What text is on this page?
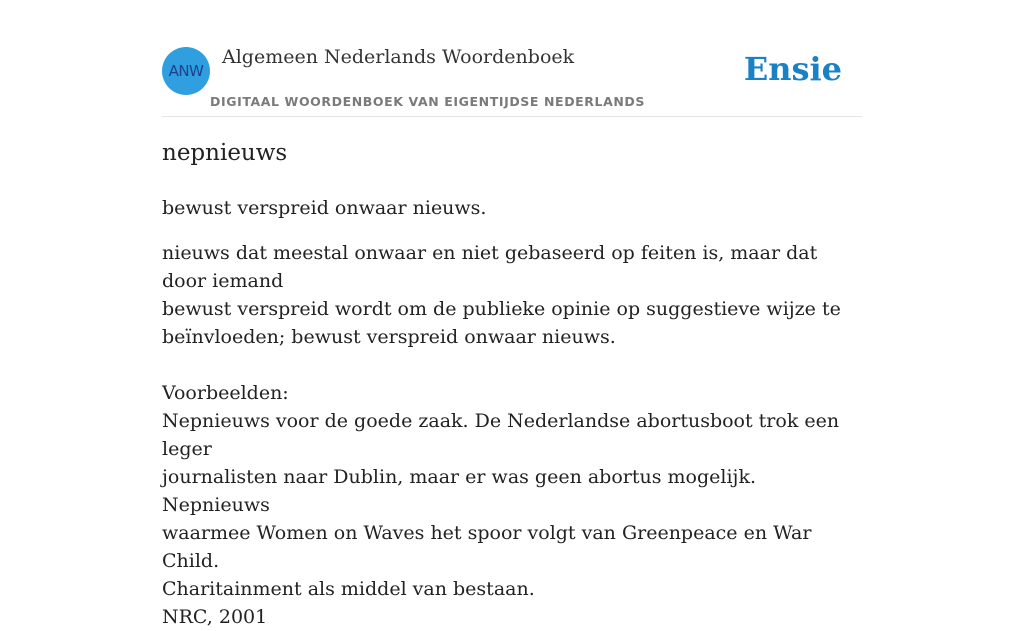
ANW
Algemeen Nederlands Woordenboek
DIGITAAL WOORDENBOEK VAN EIGENTIJDSE NEDERLANDS
Ensie
nepnieuws
bewust verspreid onwaar nieuws.

nieuws dat meestal onwaar en niet gebaseerd op feiten is, maar dat door iemand

bewust verspreid wordt om de publieke opinie op suggestieve wijze te

beïnvloeden; bewust verspreid onwaar nieuws.

Voorbeelden:

Nepnieuws voor de goede zaak. De Nederlandse abortusboot trok een leger

journalisten naar Dublin, maar er was geen abortus mogelijk. Nepnieuws

waarmee Women on Waves het spoor volgt van Greenpeace en War Child.

Charitainment als middel van bestaan.

NRC, 2001
